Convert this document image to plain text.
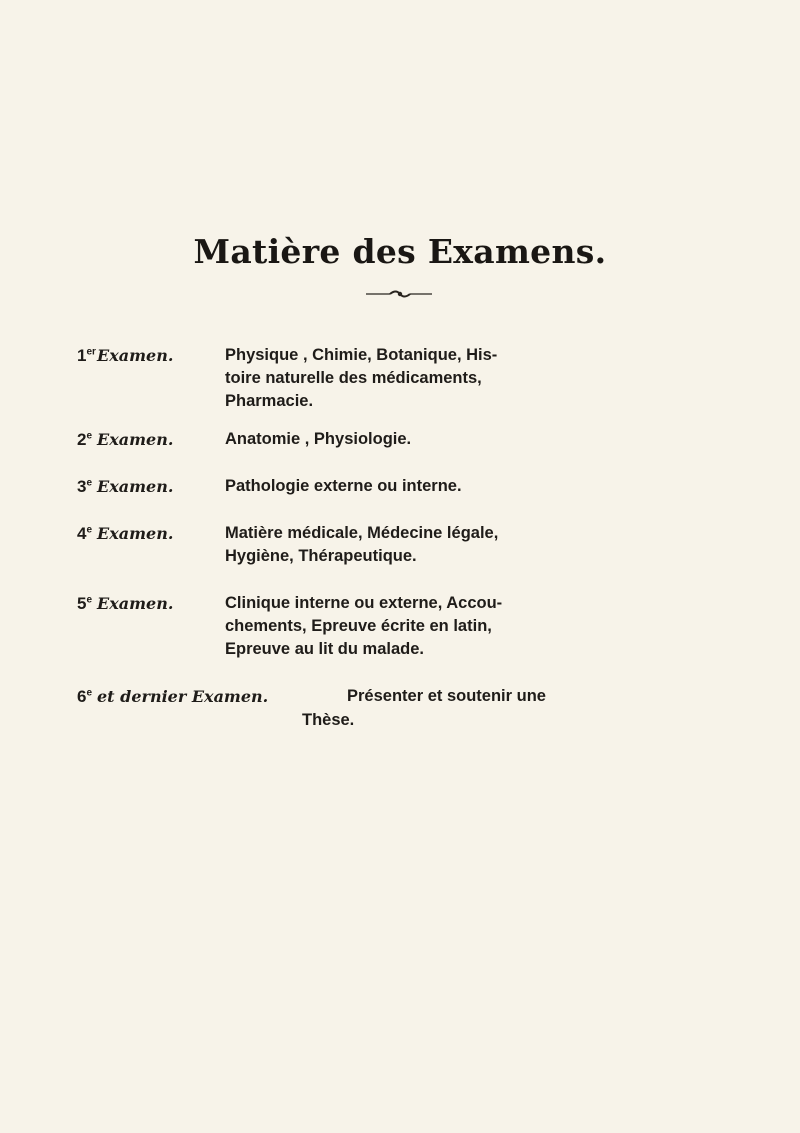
Matière des Examens.
1er Examen.	Physique , Chimie, Botanique, His-
toire naturelle des médicaments,
Pharmacie.
2e Examen.	Anatomie , Physiologie.
3e Examen.	Pathologie externe ou interne.
4e Examen.	Matière médicale, Médecine légale,
Hygiène, Thérapeutique.
5e Examen.	Clinique interne ou externe, Accou-
chements, Epreuve écrite en latin,
Epreuve au lit du malade.
6e et dernier Examen.	Présenter et soutenir une
Thèse.
